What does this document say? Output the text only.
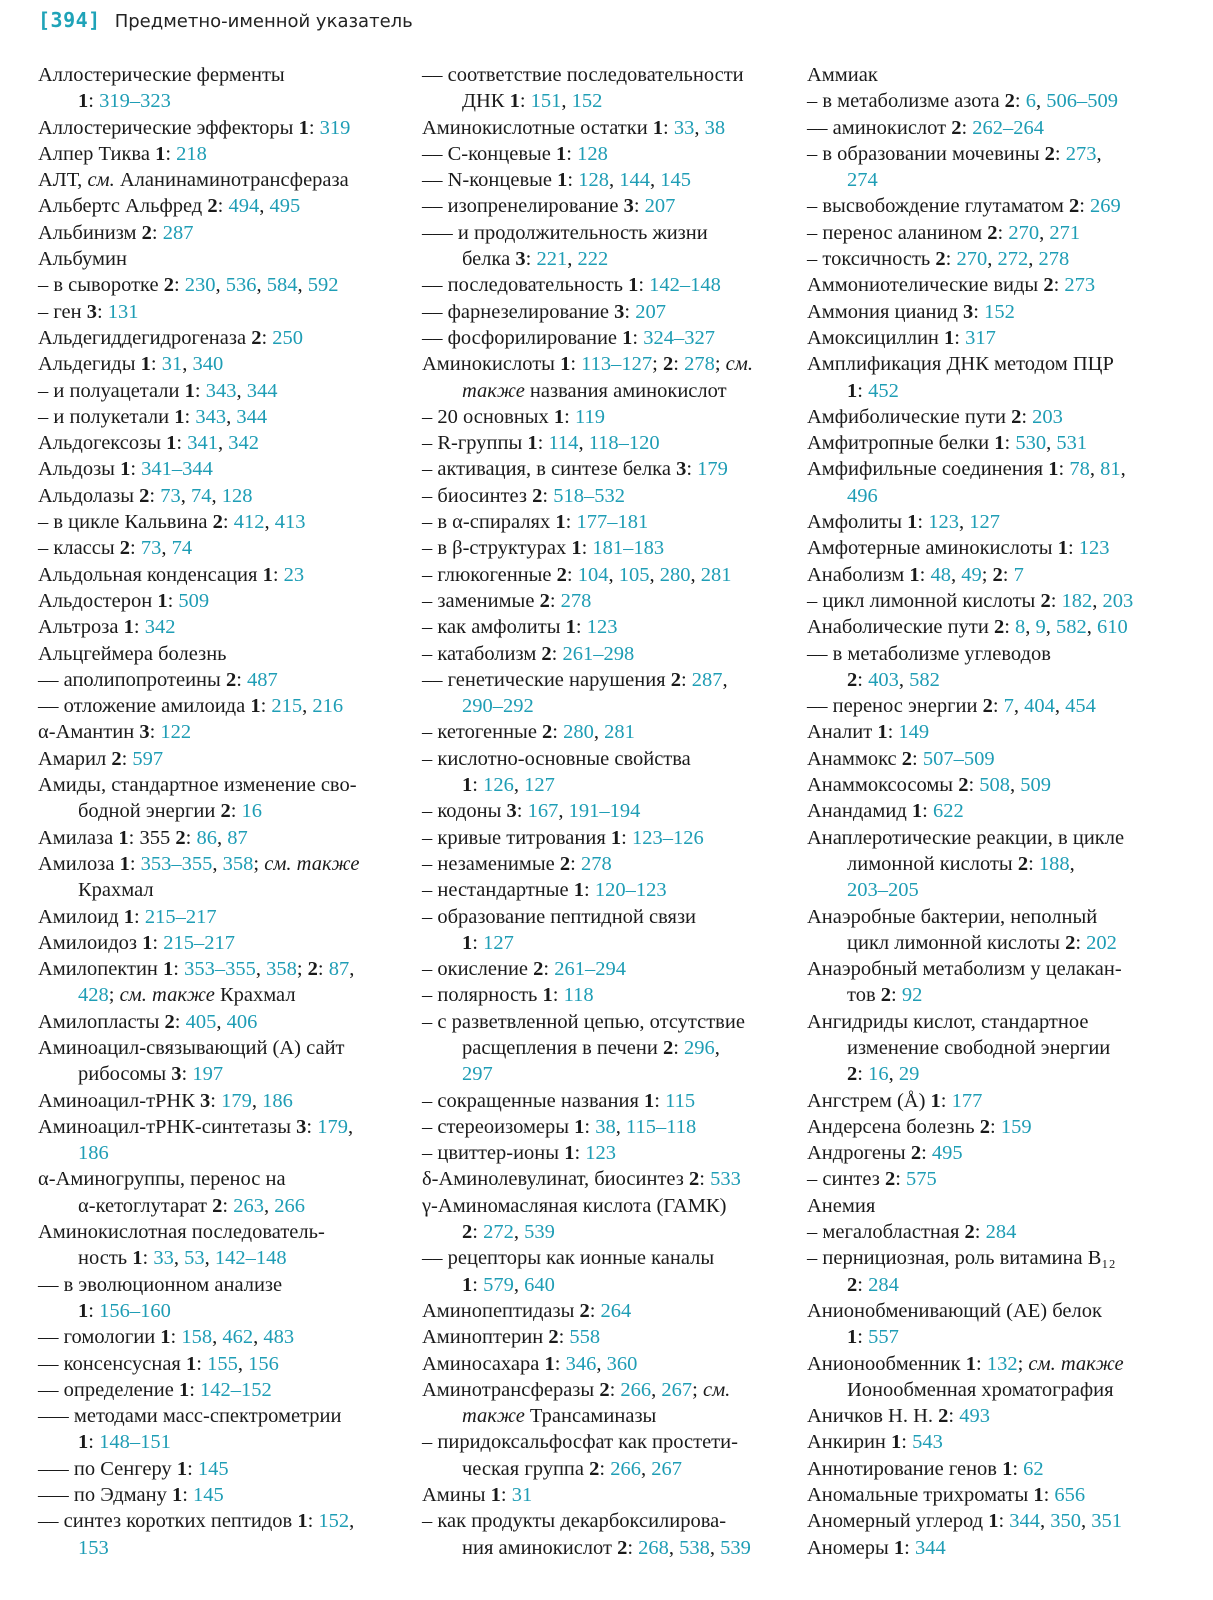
[394] Предметно-именной указатель
Аллостерические ферменты
1: 319–323
Аллостерические эффекторы 1: 319
Алпер Тиква 1: 218
АЛТ, см. Аланинаминотрансфераза
Альбертс Альфред 2: 494, 495
Альбинизм 2: 287
Альбумин
– в сыворотке 2: 230, 536, 584, 592
– ген 3: 131
Альдегиддегидрогеназа 2: 250
Альдегиды 1: 31, 340
– и полуацетали 1: 343, 344
– и полукетали 1: 343, 344
Альдогексозы 1: 341, 342
Альдозы 1: 341–344
Альдолазы 2: 73, 74, 128
– в цикле Кальвина 2: 412, 413
– классы 2: 73, 74
Альдольная конденсация 1: 23
Альдостерон 1: 509
Альтроза 1: 342
Альцгеймера болезнь
–– аполипопротеины 2: 487
–– отложение амилоида 1: 215, 216
α-Амантин 3: 122
Амарил 2: 597
Амиды, стандартное изменение сво-
бодной энергии 2: 16
Амилаза 1: 355 2: 86, 87
Амилоза 1: 353–355, 358; см. также
Крахмал
Амилоид 1: 215–217
Амилоидоз 1: 215–217
Амилопектин 1: 353–355, 358; 2: 87,
428; см. также Крахмал
Амилопласты 2: 405, 406
Аминоацил-связывающий (А) сайт
рибосомы 3: 197
Аминоацил-тРНК 3: 179, 186
Аминоацил-тРНК-синтетазы 3: 179,
186
α-Аминогруппы, перенос на
α-кетоглутарат 2: 263, 266
Аминокислотная последователь-
ность 1: 33, 53, 142–148
–– в эволюционном анализе
1: 156–160
–– гомологии 1: 158, 462, 483
–– консенсусная 1: 155, 156
–– определение 1: 142–152
––– методами масс-спектрометрии
1: 148–151
––– по Сенгеру 1: 145
––– по Эдману 1: 145
–– синтез коротких пептидов 1: 152,
153
–– соответствие последовательности
ДНК 1: 151, 152
Аминокислотные остатки 1: 33, 38
–– C-концевые 1: 128
–– N-концевые 1: 128, 144, 145
–– изопренелирование 3: 207
––– и продолжительность жизни
белка 3: 221, 222
–– последовательность 1: 142–148
–– фарнезелирование 3: 207
–– фосфорилирование 1: 324–327
Аминокислоты 1: 113–127; 2: 278; см.
также названия аминокислот
– 20 основных 1: 119
– R-группы 1: 114, 118–120
– активация, в синтезе белка 3: 179
– биосинтез 2: 518–532
– в α-спиралях 1: 177–181
– в β-структурах 1: 181–183
– глюкогенные 2: 104, 105, 280, 281
– заменимые 2: 278
– как амфолиты 1: 123
– катаболизм 2: 261–298
–– генетические нарушения 2: 287,
290–292
– кетогенные 2: 280, 281
– кислотно-основные свойства
1: 126, 127
– кодоны 3: 167, 191–194
– кривые титрования 1: 123–126
– незаменимые 2: 278
– нестандартные 1: 120–123
– образование пептидной связи
1: 127
– окисление 2: 261–294
– полярность 1: 118
– с разветвленной цепью, отсутствие
расщепления в печени 2: 296,
297
– сокращенные названия 1: 115
– стереоизомеры 1: 38, 115–118
– цвиттер-ионы 1: 123
δ-Аминолевулинат, биосинтез 2: 533
γ-Аминомасляная кислота (ГАМК)
2: 272, 539
–– рецепторы как ионные каналы
1: 579, 640
Аминопептидазы 2: 264
Аминоптерин 2: 558
Аминосахара 1: 346, 360
Аминотрансферазы 2: 266, 267; см.
также Трансаминазы
– пиридоксальфосфат как простети-
ческая группа 2: 266, 267
Амины 1: 31
– как продукты декарбоксилирова-
ния аминокислот 2: 268, 538, 539
Аммиак
– в метаболизме азота 2: 6, 506–509
–– аминокислот 2: 262–264
– в образовании мочевины 2: 273,
274
– высвобождение глутаматом 2: 269
– перенос аланином 2: 270, 271
– токсичность 2: 270, 272, 278
Аммониотелические виды 2: 273
Аммония цианид 3: 152
Амоксициллин 1: 317
Амплификация ДНК методом ПЦР
1: 452
Амфиболические пути 2: 203
Амфитропные белки 1: 530, 531
Амфифильные соединения 1: 78, 81,
496
Амфолиты 1: 123, 127
Амфотерные аминокислоты 1: 123
Анаболизм 1: 48, 49; 2: 7
– цикл лимонной кислоты 2: 182, 203
Анаболические пути 2: 8, 9, 582, 610
–– в метаболизме углеводов
2: 403, 582
–– перенос энергии 2: 7, 404, 454
Аналит 1: 149
Анаммокс 2: 507–509
Анаммоксосомы 2: 508, 509
Анандамид 1: 622
Анаплеротические реакции, в цикле
лимонной кислоты 2: 188,
203–205
Анаэробные бактерии, неполный
цикл лимонной кислоты 2: 202
Анаэробный метаболизм у целакан-
тов 2: 92
Ангидриды кислот, стандартное
изменение свободной энергии
2: 16, 29
Ангстрем (Å) 1: 177
Андерсена болезнь 2: 159
Андрогены 2: 495
– синтез 2: 575
Анемия
– мегалобластная 2: 284
– пернициозная, роль витамина В₁₂
2: 284
Анионобменивающий (AE) белок
1: 557
Анионообменник 1: 132; см. также
Ионообменная хроматография
Аничков Н. Н. 2: 493
Анкирин 1: 543
Аннотирование генов 1: 62
Аномальные трихроматы 1: 656
Аномерный углерод 1: 344, 350, 351
Аномеры 1: 344
